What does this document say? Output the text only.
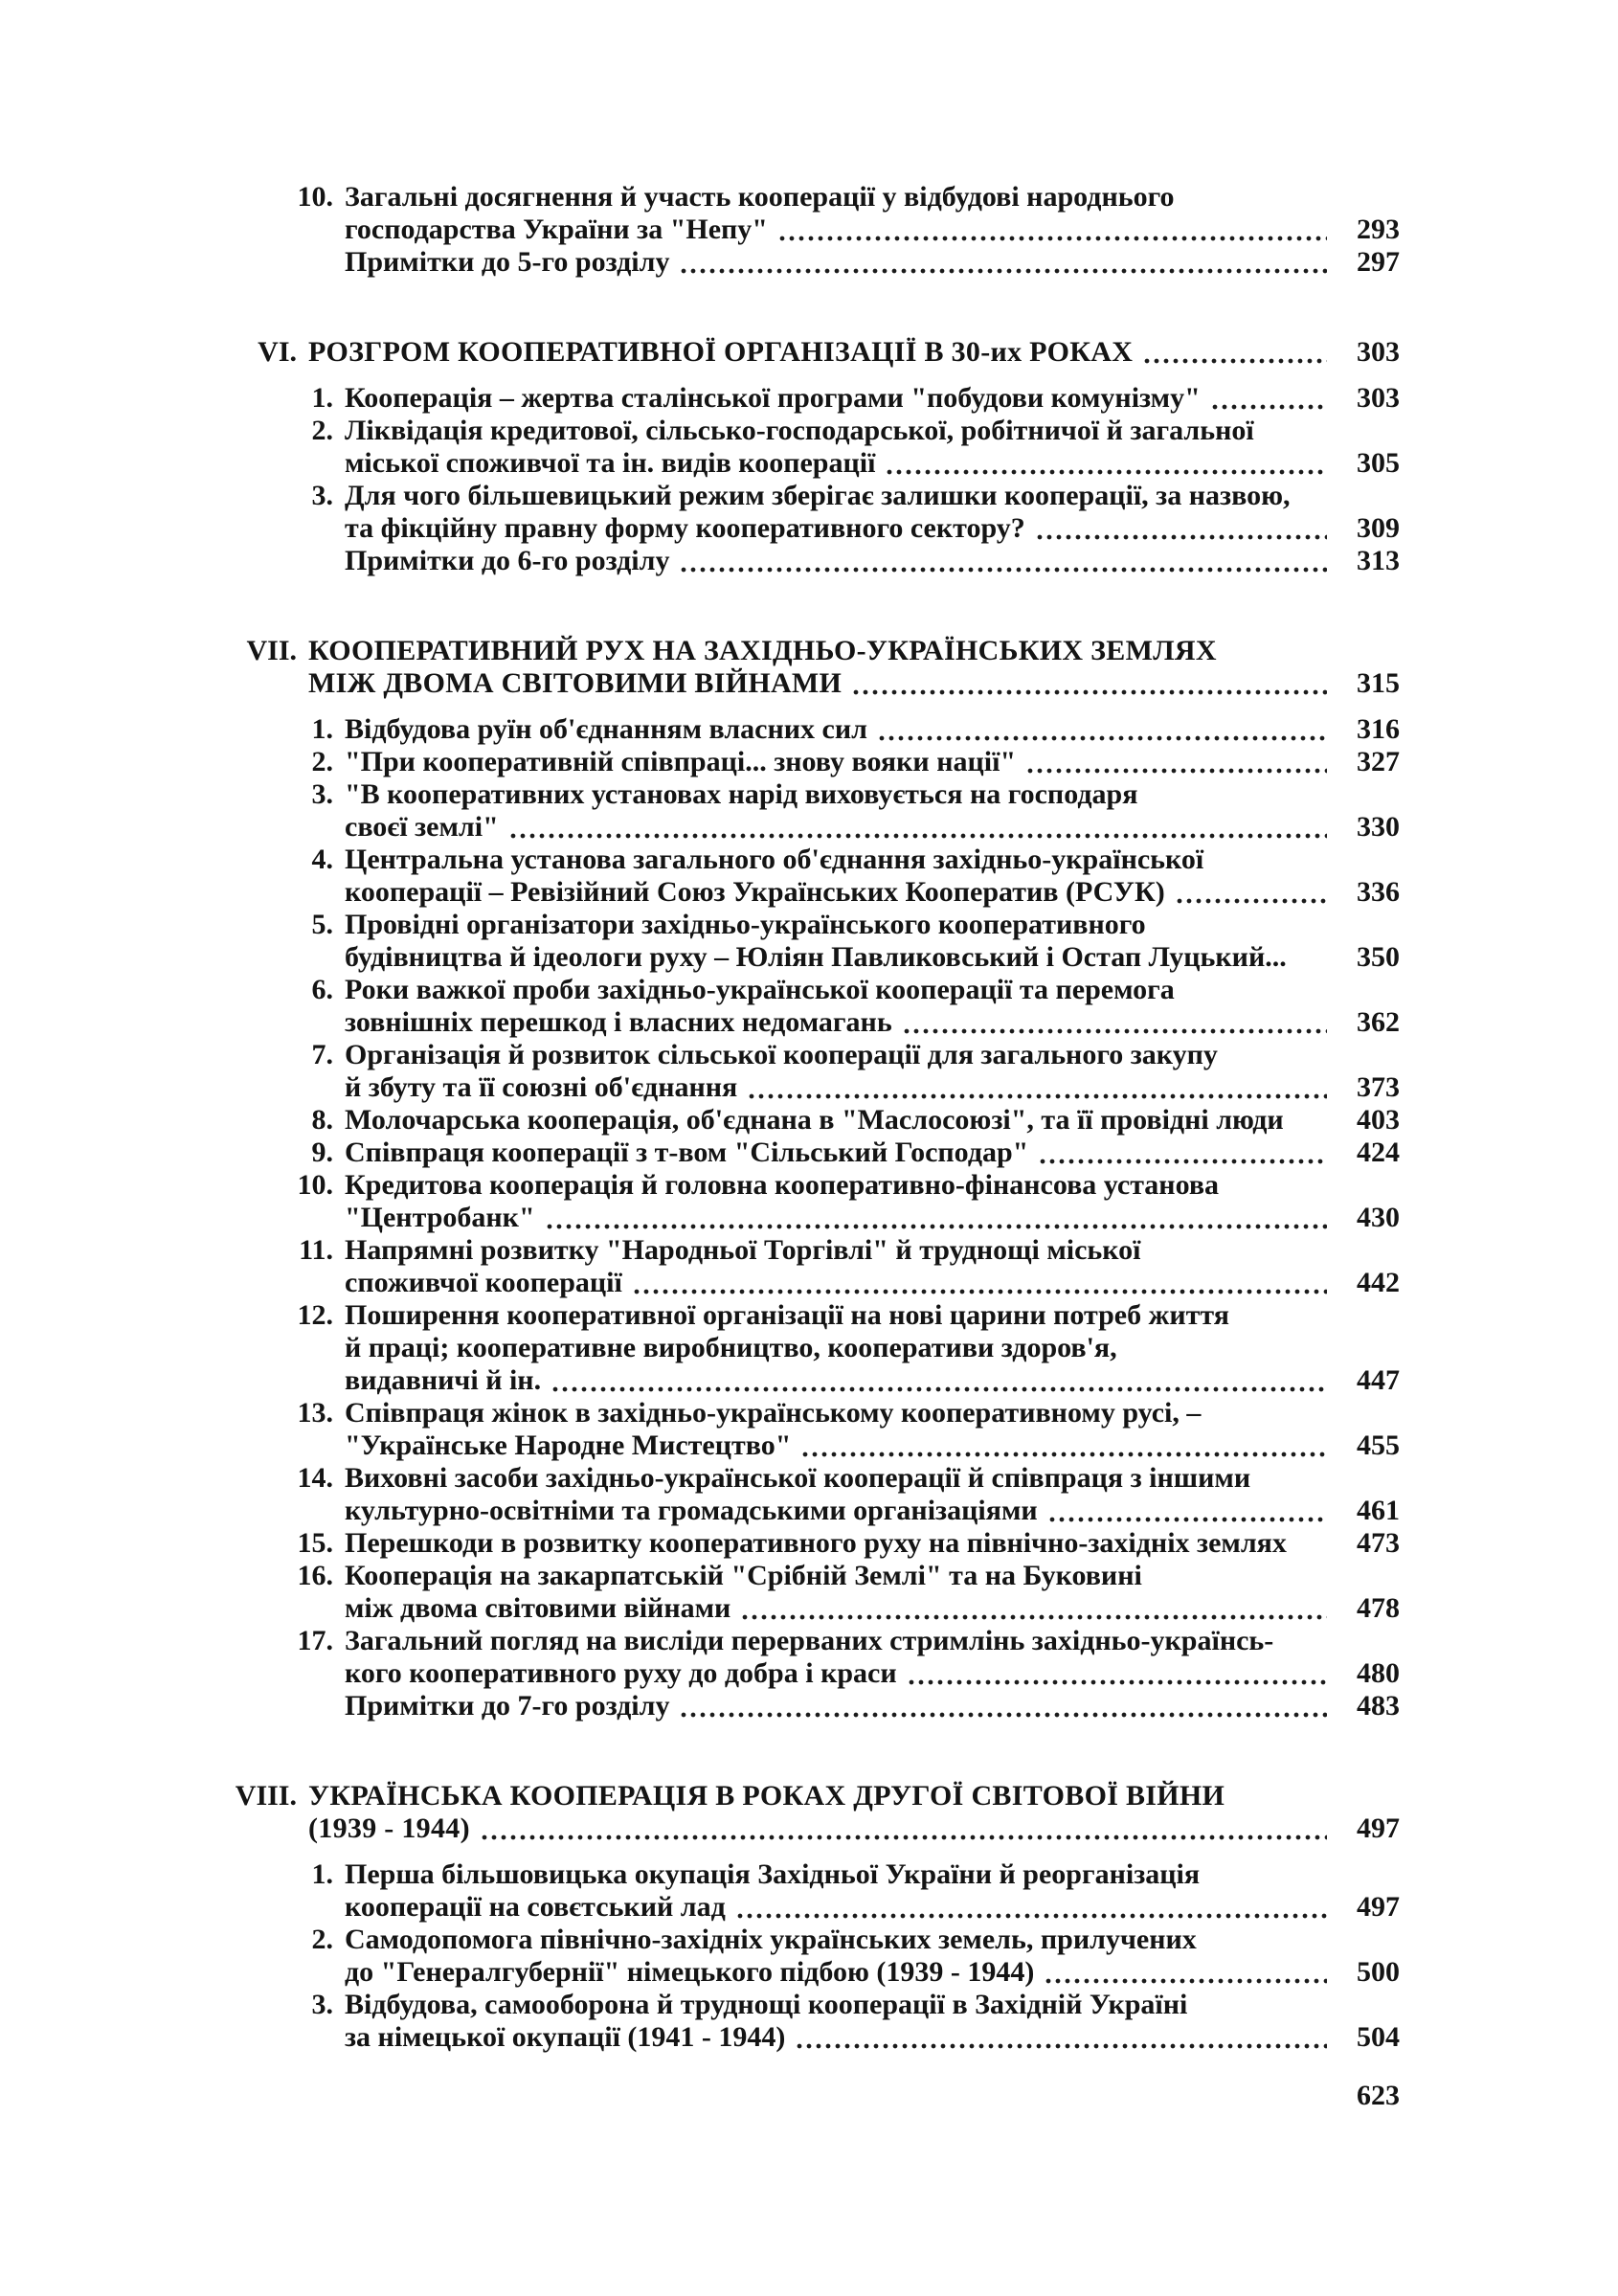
10. Загальні досягнення й участь кооперації у відбудові народнього
господарства України за "Непу"	293
Примітки до 5-го розділу	297
VI. РОЗГРОМ КООПЕРАТИВНОЇ ОРГАНІЗАЦІЇ В 30-их РОКАХ	303
1. Кооперація – жертва сталінської програми "побудови комунізму"	303
2. Ліквідація кредитової, сільсько-господарської, робітничої й загальної
міської споживчої та ін. видів кооперації	305
3. Для чого більшевицький режим зберігає залишки кооперації, за назвою,
та фікційну правну форму кооперативного сектору?	309
Примітки до 6-го розділу	313
VII. КООПЕРАТИВНИЙ РУХ НА ЗАХІДНЬО-УКРАЇНСЬКИХ ЗЕМЛЯХ
МІЖ ДВОМА СВІТОВИМИ ВІЙНАМИ	315
1. Відбудова руїн об'єднанням власних сил	316
2. "При кооперативній співпраці... знову вояки нації"	327
3. "В кооперативних установах нарід виховується на господаря
своєї землі"	330
4. Центральна установа загального об'єднання західньо-української
кооперації – Ревізійний Союз Українських Кооператив (РСУК)	336
5. Провідні організатори західньо-українського кооперативного
будівництва й ідеологи руху – Юліян Павликовський і Остап Луцький...	350
6. Роки важкої проби західньо-української кооперації та перемога
зовнішніх перешкод і власних недомагань	362
7. Організація й розвиток сільської кооперації для загального закупу
й збуту та її союзні об'єднання	373
8. Молочарська кооперація, об'єднана в "Маслосоюзі", та її провідні люди	403
9. Співпраця кооперації з т-вом "Сільський Господар"	424
10. Кредитова кооперація й головна кооперативно-фінансова установа
"Центробанк"	430
11. Напрямні розвитку "Народньої Торгівлі" й труднощі міської
споживчої кооперації	442
12. Поширення кооперативної організації на нові царини потреб життя
й праці; кооперативне виробництво, кооперативи здоров'я,
видавничі й ін.	447
13. Співпраця жінок в західньо-українському кооперативному русі, –
"Українське Народне Мистецтво"	455
14. Виховні засоби західньо-української кооперації й співпраця з іншими
культурно-освітніми та громадськими організаціями	461
15. Перешкоди в розвитку кооперативного руху на північно-західніх землях	473
16. Кооперація на закарпатській "Срібній Землі" та на Буковині
між двома світовими війнами	478
17. Загальний погляд на висліди перерваних стримлінь західньо-українсь-
кого кооперативного руху до добра і краси	480
Примітки до 7-го розділу	483
VIII. УКРАЇНСЬКА КООПЕРАЦІЯ В РОКАХ ДРУГОЇ СВІТОВОЇ ВІЙНИ
(1939 - 1944)	497
1. Перша більшовицька окупація Західньої України й реорганізація
кооперації на совєтський лад	497
2. Самодопомога північно-західніх українських земель, прилучених
до "Генералгубернії" німецького підбою (1939 - 1944)	500
3. Відбудова, самооборона й труднощі кооперації в Західній Україні
за німецької окупації (1941 - 1944)	504
623
